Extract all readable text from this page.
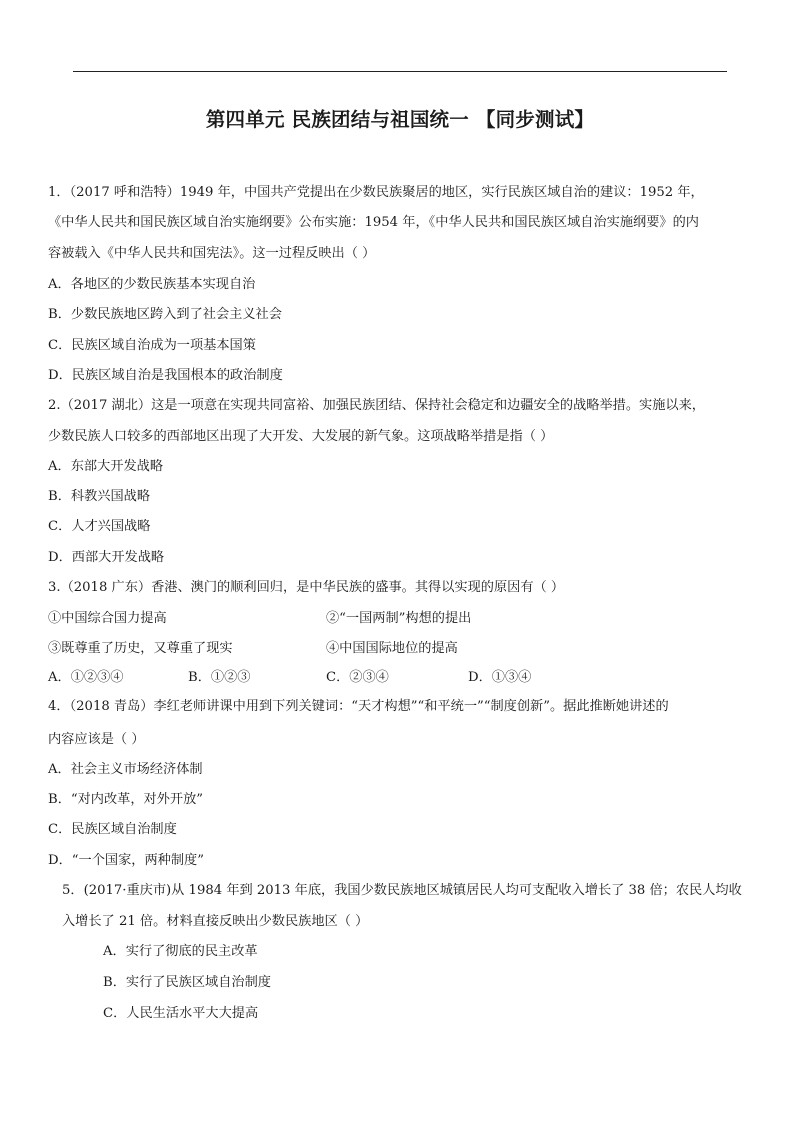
第四单元 民族团结与祖国统一 【同步测试】
1．（2017 呼和浩特）1949 年，中国共产党提出在少数民族聚居的地区，实行民族区域自治的建议：1952 年，
《中华人民共和国民族区域自治实施纲要》公布实施：1954 年，《中华人民共和国民族区域自治实施纲要》的内
容被载入《中华人民共和国宪法》。这一过程反映出（ ）
A．各地区的少数民族基本实现自治
B．少数民族地区跨入到了社会主义社会
C．民族区域自治成为一项基本国策
D．民族区域自治是我国根本的政治制度
2.（2017 湖北）这是一项意在实现共同富裕、加强民族团结、保持社会稳定和边疆安全的战略举措。实施以来，
少数民族人口较多的西部地区出现了大开发、大发展的新气象。这项战略举措是指（ ）
A．东部大开发战略
B．科教兴国战略
C．人才兴国战略
D．西部大开发战略
3.（2018 广东）香港、澳门的顺利回归，是中华民族的盛事。其得以实现的原因有（ ）
①中国综合国力提高	②“一国两制”构想的提出
③既尊重了历史，又尊重了现实	④中国国际地位的提高
A．①②③④	B．①②③	C．②③④	D．①③④
4．（2018 青岛）李红老师讲课中用到下列关键词：“天才构想”“和平统一”“制度创新”。据此推断她讲述的
内容应该是（ ）
A．社会主义市场经济体制
B．“对内改革，对外开放”
C．民族区域自治制度
D．“一个国家，两种制度”
5．(2017·重庆市)从 1984 年到 2013 年底，我国少数民族地区城镇居民人均可支配收入增长了 38 倍；农民人均收
入增长了 21 倍。材料直接反映出少数民族地区（ ）
A．实行了彻底的民主改革
B．实行了民族区域自治制度
C．人民生活水平大大提高
